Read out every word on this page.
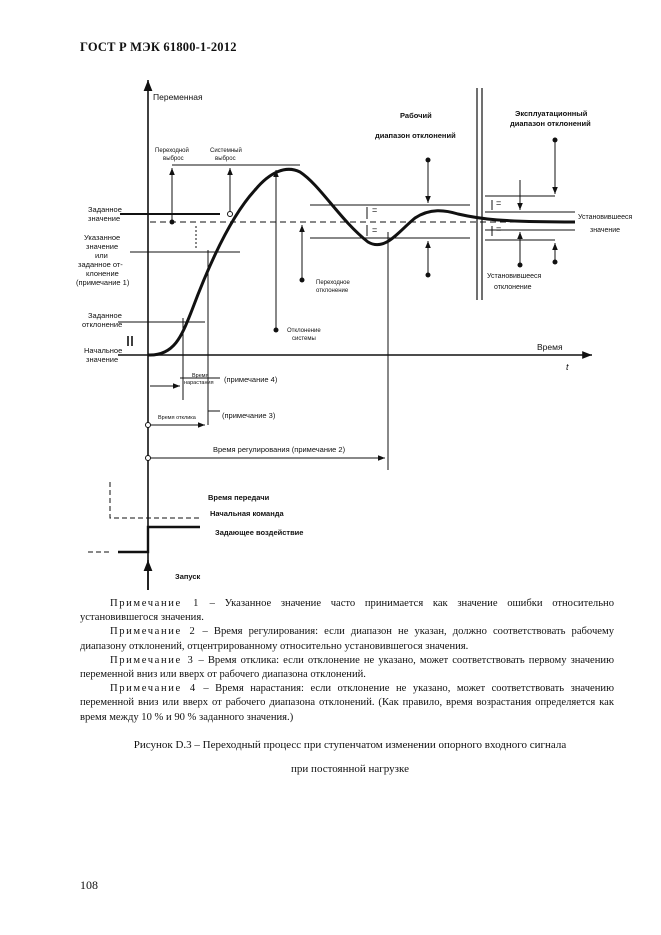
ГОСТ Р МЭК 61800-1-2012
Переменная
Время
t
Рабочий
диапазон отклонений
Эксплуатационный
диапазон отклонений
Переходной
выброс
Системный
выброс
Заданное
значение
Указанное
значение
или
заданное от-
клонение
(примечание 1)
Заданное
отклонение
Начальное
значение
Установившееся
значение
Установившееся
отклонение
Переходное
отклонение
Отклонение
системы
Время
нарастания (примечание 4)
Время отклика	(примечание 3)
Время регулирования (примечание 2)
Время передачи
Начальная команда
Задающее воздействие
Запуск
=
=
=
=

Примечание 1 – Указанное значение часто принимается как значение ошибки относительно установившегося значения.

Примечание 2 – Время регулирования: если диапазон не указан, должно соответствовать рабочему диапазону отклонений, отцентрированному относительно установившегося значения.

Примечание 3 – Время отклика: если отклонение не указано, может соответствовать первому значению переменной вниз или вверх от рабочего диапазона отклонений.

Примечание 4 – Время нарастания: если отклонение не указано, может соответствовать значению переменной вниз или вверх от рабочего диапазона отклонений. (Как правило, время возрастания определяется как время между 10 % и 90 % заданного значения.)

Рисунок D.3 – Переходный процесс при ступенчатом изменении опорного входного сигнала
при постоянной нагрузке
108
